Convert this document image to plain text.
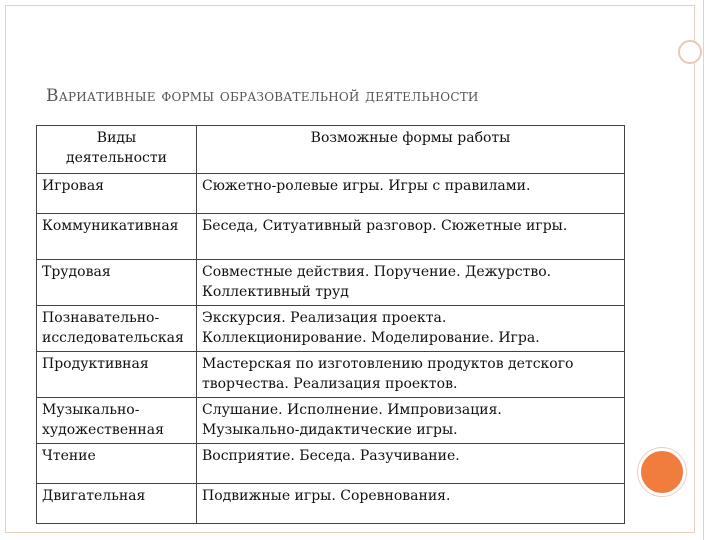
Вариативные формы образовательной деятельности
Виды
деятельности	Возможные формы работы
Игровая	Сюжетно-ролевые игры. Игры с правилами.
Коммуникативная	Беседа, Ситуативный разговор. Сюжетные игры.
Трудовая	Совместные действия. Поручение. Дежурство.
Коллективный труд
Познавательно-
исследовательская	Экскурсия. Реализация проекта.
Коллекционирование. Моделирование. Игра.
Продуктивная	Мастерская по изготовлению продуктов детского
творчества. Реализация проектов.
Музыкально-
художественная	Слушание. Исполнение. Импровизация.
Музыкально-дидактические игры.
Чтение	Восприятие. Беседа. Разучивание.
Двигательная	Подвижные игры. Соревнования.
